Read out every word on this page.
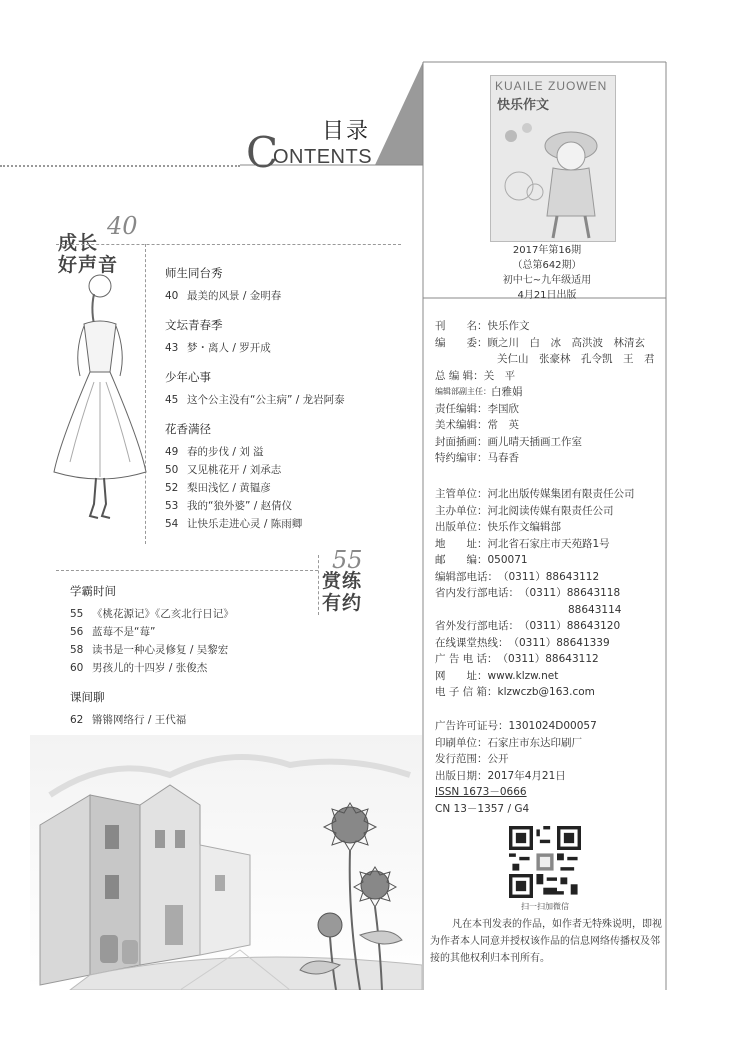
目录
C
ONTENTS
KUAILE ZUOWEN
快乐作文
2017年第16期
（总第642期）
初中七~九年级适用
4月21日出版
刊　　名： 快乐作文
编　　委： 顾之川　白　冰　高洪波　林清玄
关仁山　张豪林　孔令凯　王　君
总 编 辑： 关　平
编辑部副主任： 白雅娟
责任编辑： 李国欣
美术编辑： 常　英
封面插画： 画儿晴天插画工作室
特约编审： 马春香
主管单位： 河北出版传媒集团有限责任公司
主办单位： 河北阅读传媒有限责任公司
出版单位： 快乐作文编辑部
地　　址： 河北省石家庄市天苑路1号
邮　　编： 050071
编辑部电话： （0311）88643112
省内发行部电话： （0311）88643118
88643114
省外发行部电话： （0311）88643120
在线课堂热线： （0311）88641339
广 告 电 话： （0311）88643112
网　　址： www.klzw.net
电 子 信 箱： klzwczb@163.com
广告许可证号： 1301024D00057
印刷单位： 石家庄市东达印刷厂
发行范围： 公开
出版日期： 2017年4月21日
ISSN 1673－0666
CN 13－1357 / G4
扫一扫加微信
凡在本刊发表的作品，如作者无特殊说明，即视为作者本人同意并授权该作品的信息网络传播权及邻接的其他权利归本刊所有。
40
成长
好声音	师生同台秀
40 最美的风景 / 金明春
文坛青春季
43 梦・离人 / 罗开成
少年心事
45 这个公主没有“公主病” / 龙岩阿泰
花香满径
49 春的步伐 / 刘 溢
50 又见桃花开 / 刘承志
52 梨田浅忆 / 黄韫彦
53 我的“狼外婆” / 赵倩仪
54 让快乐走进心灵 / 陈雨卿
55
赏练
有约
学霸时间
55 《桃花源记》《乙亥北行日记》
56 蓝莓不是“莓”
58 读书是一种心灵修复 / 吴黎宏
60 男孩儿的十四岁 / 张俊杰
课间聊
62 锵锵网络行 / 王代福
